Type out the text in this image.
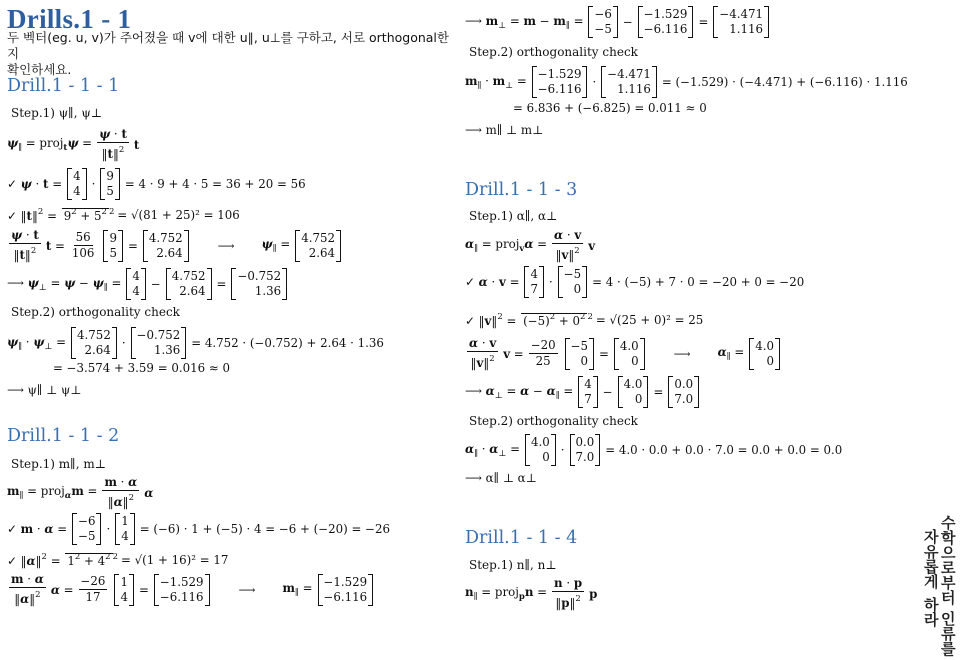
Drills.1 - 1
두 벡터(eg. u, v)가 주어졌을 때 v에 대한 u∥, u⊥를 구하고, 서로 orthogonal한지
확인하세요.
Drill.1 - 1 - 1
Step.1) ψ∥, ψ⊥
$\psi_\parallel$ = proj$_t$ψ = $\frac{\psi \cdot t}{‖t‖^2}$ t
✓ ψ · t =
4
4 ·
9
5 = 4 · 9 + 4 · 5 = 36 + 20 = 56
✓ ‖t‖$^2$ = $9^2 + 5^2$ $^2$ = √(81 + 25)² = 106
$\frac{\psi \cdot t}{‖t‖^2}$ $t = \frac{56}{106} 9$
5 =
4.752
2.64	⟶ $\psi_\parallel = 4.752$
2.64
⟶ $\psi_\perp = \psi - \psi_\parallel = 4$
4 −
4.752
2.64 =
−0.752
1.36
Step.2) orthogonality check
$\psi_\parallel \cdot \psi_\perp = 4.752$
2.64 ·
−0.752
1.36 = 4.752 · (−0.752) + 2.64 · 1.36
= −3.574 + 3.59 = 0.016 ≈ 0
⟶ ψ∥ ⊥ ψ⊥
Drill.1 - 1 - 2
Step.1) m∥, m⊥
$m_\parallel$ = proj$_\alpha$m = $\frac{m \cdot \alpha}{‖\alpha‖^2}$ α
✓ m · α =
−6
−5 ·
1
4 = (−6) · 1 + (−5) · 4 = −6 + (−20) = −26
✓ ‖α‖$^2$ = $1^2 + 4^2$ $^2$ = √(1 + 16)² = 17
$\frac{m \cdot \alpha}{‖\alpha‖^2}$ $\alpha = \frac{-26}{17} 1$
4 =
−1.529
−6.116	⟶ $m_\parallel = -1.529$
−6.116
⟶ $m_\perp = m - m_\parallel = -6$
−5 −
−1.529
−6.116 =
−4.471
1.116
Step.2) orthogonality check
$m_\parallel \cdot m_\perp = -1.529$
−6.116 ·
−4.471
1.116 = (−1.529) · (−4.471) + (−6.116) · 1.116
= 6.836 + (−6.825) = 0.011 ≈ 0
⟶ m∥ ⊥ m⊥
Drill.1 - 1 - 3
Step.1) α∥, α⊥
$\alpha_\parallel$ = proj$_v$α = $\frac{\alpha \cdot v}{‖v‖^2}$ v
✓ α · v =
4
7 ·
−5
0 = 4 · (−5) + 7 · 0 = −20 + 0 = −20
✓ ‖v‖$^2$ = $(-5)^2 + 0^2$ $^2$ = √(25 + 0)² = 25
$\frac{\alpha \cdot v}{‖v‖^2}$ $v = \frac{-20}{25} -5$
0 =
4.0
0	⟶ $\alpha_\parallel = 4.0$
0
⟶ $\alpha_\perp = \alpha - \alpha_\parallel = 4$
7 −
4.0
0 =
0.0
7.0
Step.2) orthogonality check
$\alpha_\parallel \cdot \alpha_\perp = 4.0$
0 ·
0.0
7.0 = 4.0 · 0.0 + 0.0 · 7.0 = 0.0 + 0.0 = 0.0
⟶ α∥ ⊥ α⊥
Drill.1 - 1 - 4
Step.1) n∥, n⊥
$n_\parallel$ = proj$_p$n = $\frac{n \cdot p}{‖p‖^2}$ p
수
학
으
로
부
터
인
류
를
자
유
롭
게
하
라
